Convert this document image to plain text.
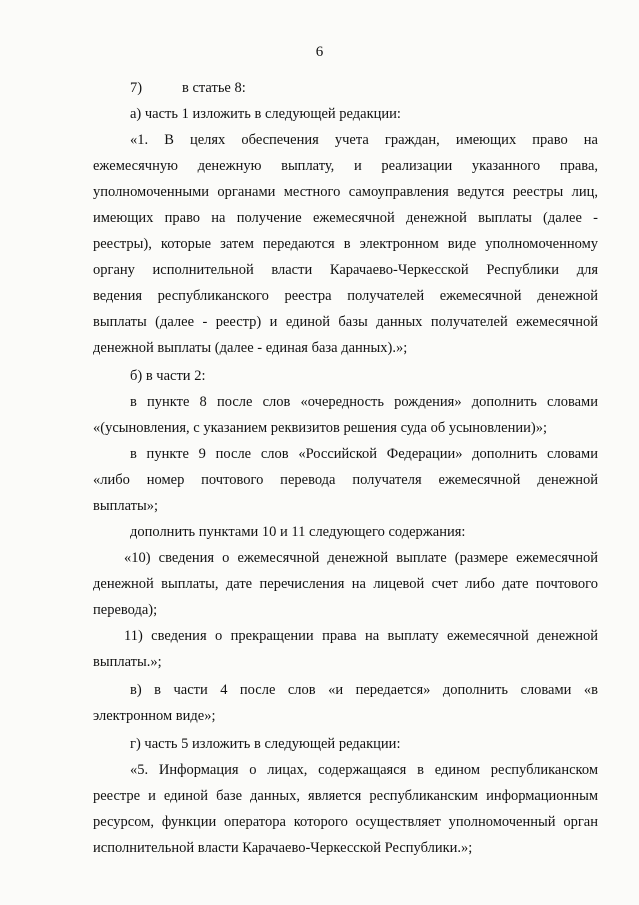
6
7)	в статье 8:
а) часть 1 изложить в следующей редакции:
«1. В целях обеспечения учета граждан, имеющих право на
ежемесячную денежную выплату, и реализации указанного права,
уполномоченными органами местного самоуправления ведутся реестры лиц,
имеющих право на получение ежемесячной денежной выплаты (далее -
реестры), которые затем передаются в электронном виде уполномоченному
органу исполнительной власти Карачаево-Черкесской Республики для
ведения республиканского реестра получателей ежемесячной денежной
выплаты (далее - реестр) и единой базы данных получателей ежемесячной
денежной выплаты (далее - единая база данных).»;
б) в части 2:
в пункте 8 после слов «очередность рождения» дополнить словами
«(усыновления, с указанием реквизитов решения суда об усыновлении)»;
в пункте 9 после слов «Российской Федерации» дополнить словами
«либо номер почтового перевода получателя ежемесячной денежной
выплаты»;
дополнить пунктами 10 и 11 следующего содержания:
«10) сведения о ежемесячной денежной выплате (размере ежемесячной
денежной выплаты, дате перечисления на лицевой счет либо дате почтового
перевода);
11) сведения о прекращении права на выплату ежемесячной денежной
выплаты.»;
в) в части 4 после слов «и передается» дополнить словами «в
электронном виде»;
г) часть 5 изложить в следующей редакции:
«5. Информация о лицах, содержащаяся в едином республиканском
реестре и единой базе данных, является республиканским информационным
ресурсом, функции оператора которого осуществляет уполномоченный орган
исполнительной власти Карачаево-Черкесской Республики.»;
